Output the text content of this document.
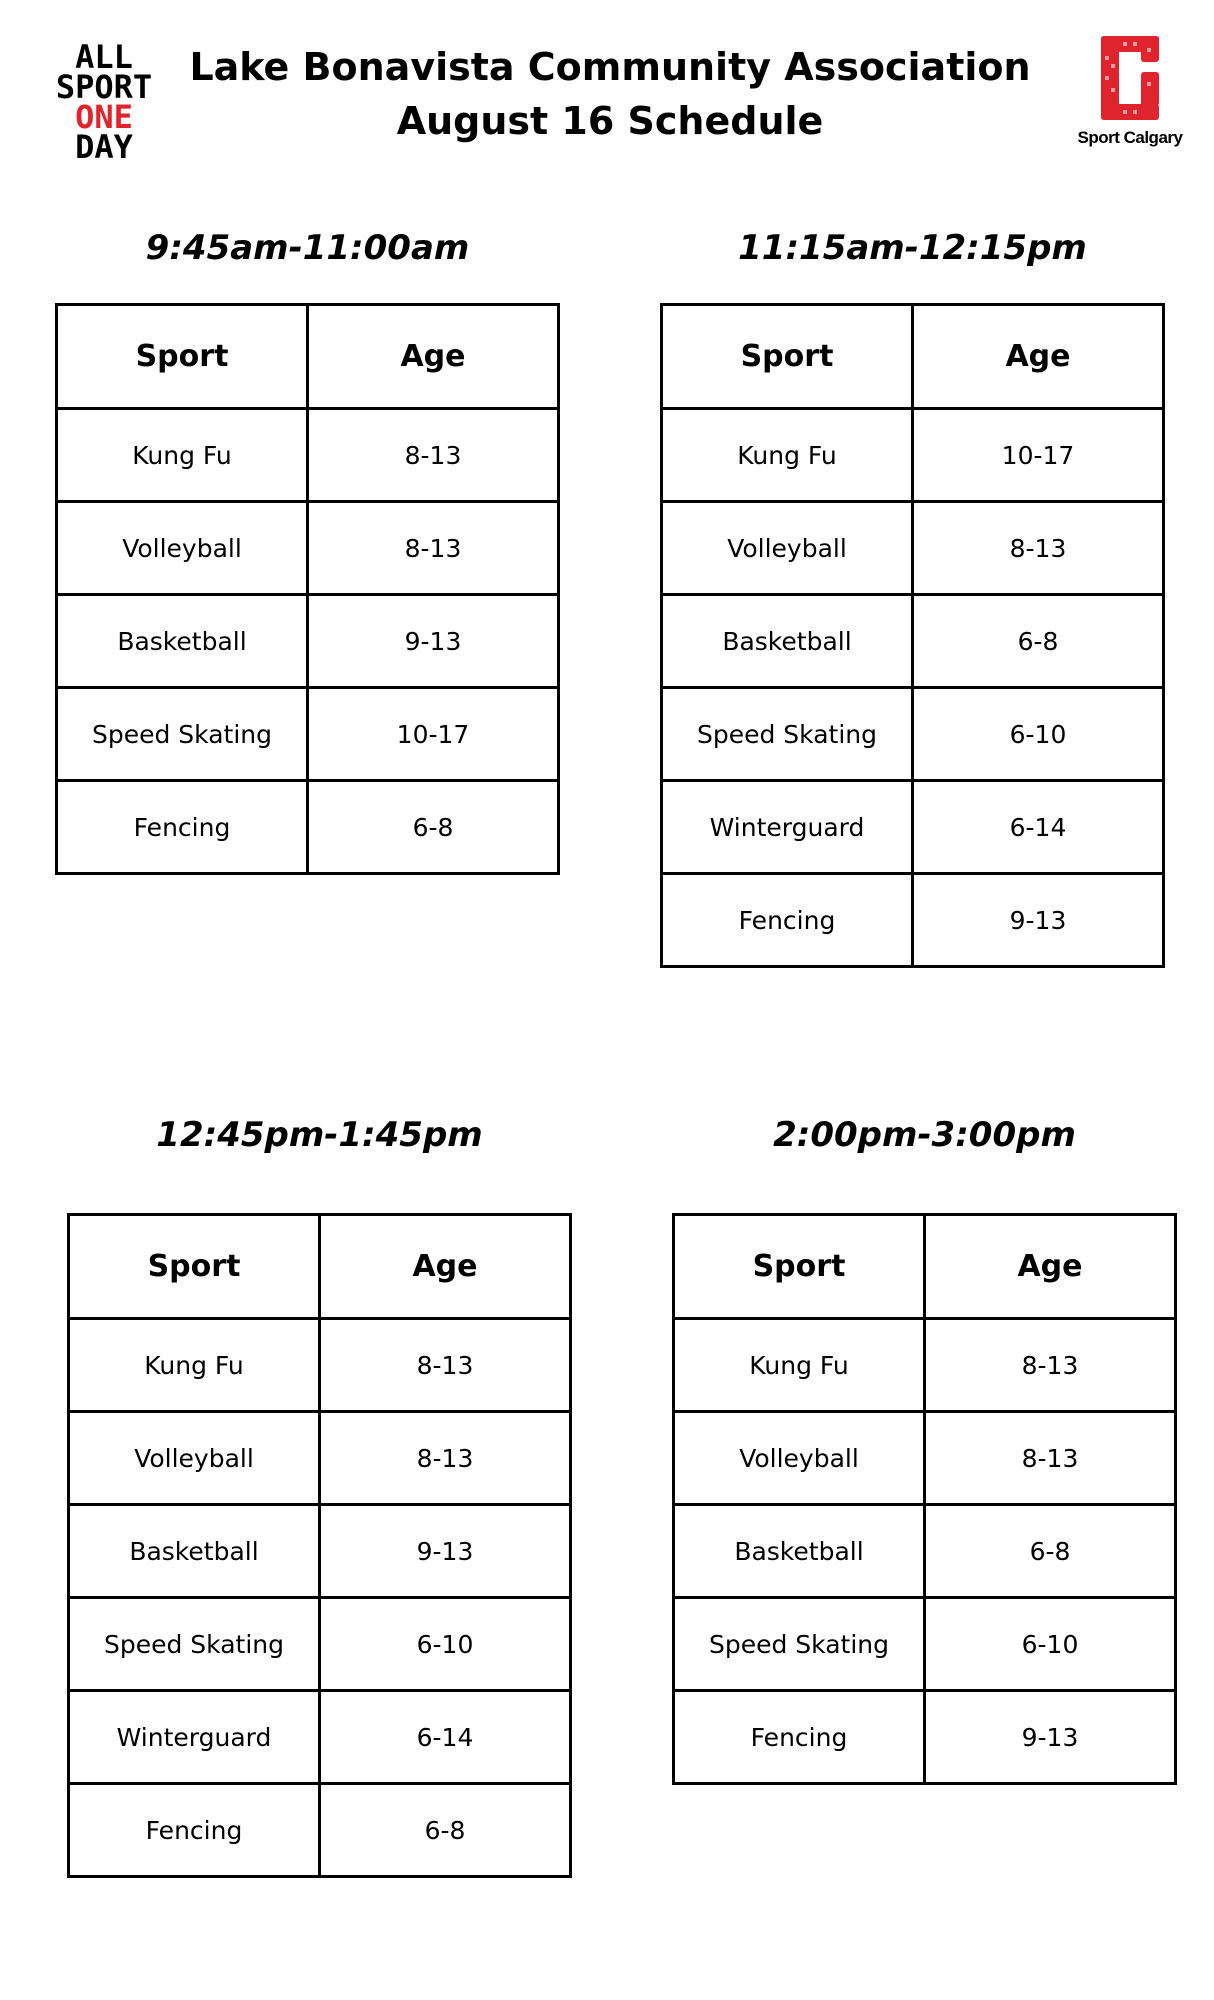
ALL
SPORT
ONE
DAY
Lake Bonavista Community Association
August 16 Schedule	Sport Calgary
9:45am-11:00am
Sport	Age
Kung Fu	8-13
Volleyball	8-13
Basketball	9-13
Speed Skating	10-17
Fencing	6-8
11:15am-12:15pm
Sport	Age
Kung Fu	10-17
Volleyball	8-13
Basketball	6-8
Speed Skating	6-10
Winterguard	6-14
Fencing	9-13
12:45pm-1:45pm
Sport	Age
Kung Fu	8-13
Volleyball	8-13
Basketball	9-13
Speed Skating	6-10
Winterguard	6-14
Fencing	6-8
2:00pm-3:00pm
Sport	Age
Kung Fu	8-13
Volleyball	8-13
Basketball	6-8
Speed Skating	6-10
Fencing	9-13
